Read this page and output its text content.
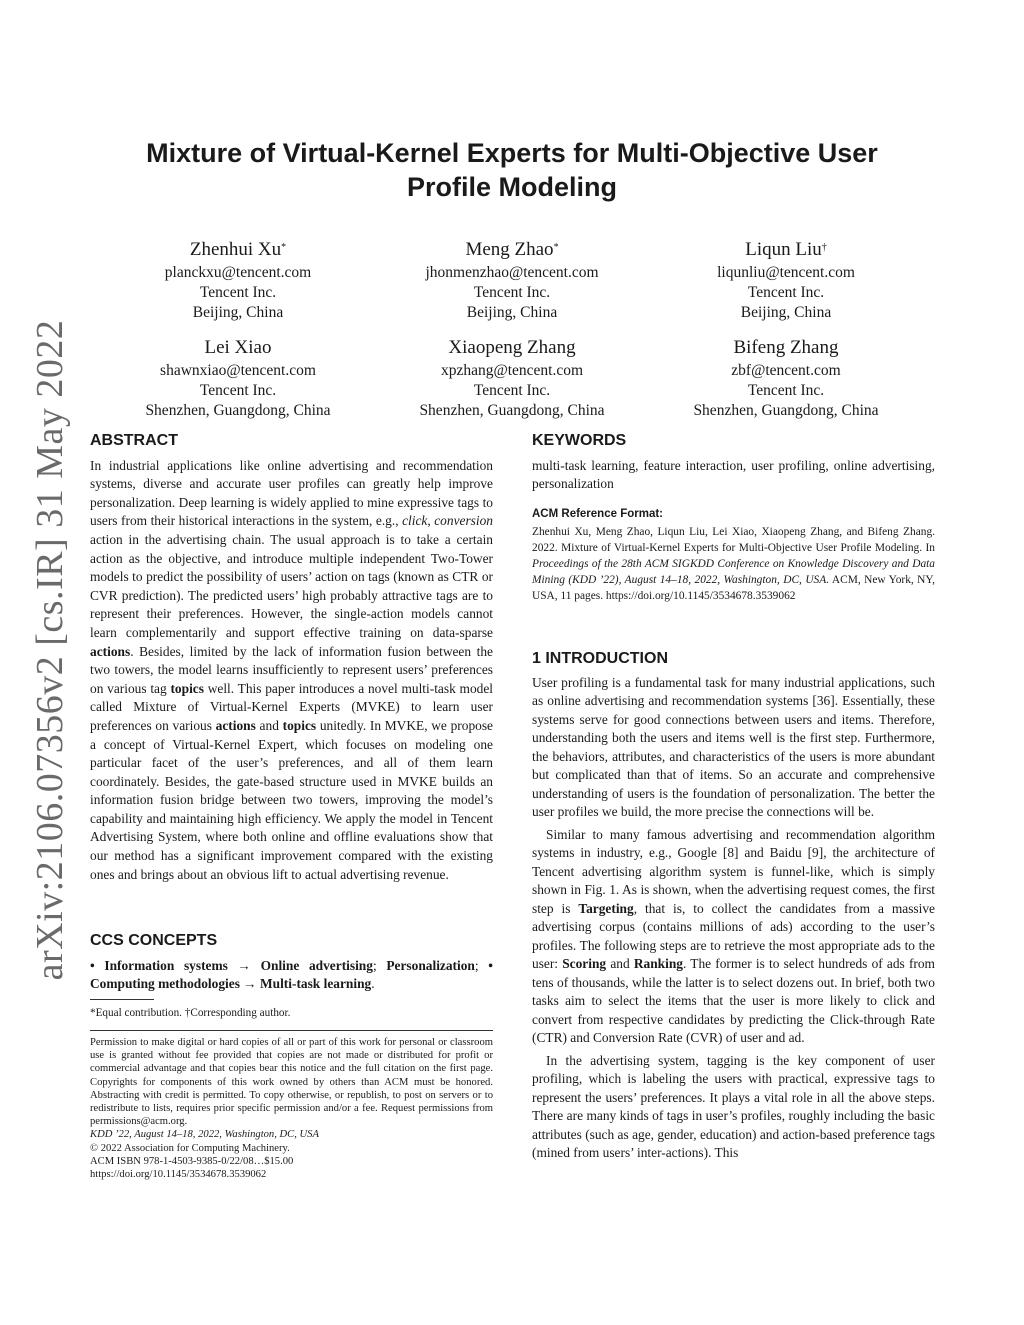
arXiv:2106.07356v2 [cs.IR] 31 May 2022
Mixture of Virtual-Kernel Experts for Multi-Objective User
Profile Modeling
Zhenhui Xu*
planckxu@tencent.com
Tencent Inc.
Beijing, China
Meng Zhao*
jhonmenzhao@tencent.com
Tencent Inc.
Beijing, China
Liqun Liu†
liqunliu@tencent.com
Tencent Inc.
Beijing, China
Lei Xiao
shawnxiao@tencent.com
Tencent Inc.
Shenzhen, Guangdong, China
Xiaopeng Zhang
xpzhang@tencent.com
Tencent Inc.
Shenzhen, Guangdong, China
Bifeng Zhang
zbf@tencent.com
Tencent Inc.
Shenzhen, Guangdong, China
ABSTRACT

In industrial applications like online advertising and recommendation systems, diverse and accurate user profiles can greatly help improve personalization. Deep learning is widely applied to mine expressive tags to users from their historical interactions in the system, e.g., click, conversion action in the advertising chain. The usual approach is to take a certain action as the objective, and introduce multiple independent Two-Tower models to predict the possibility of users’ action on tags (known as CTR or CVR prediction). The predicted users’ high probably attractive tags are to represent their preferences. However, the single-action models cannot learn complementarily and support effective training on data-sparse actions. Besides, limited by the lack of information fusion between the two towers, the model learns insufficiently to represent users’ preferences on various tag topics well. This paper introduces a novel multi-task model called Mixture of Virtual-Kernel Experts (MVKE) to learn user preferences on various actions and topics unitedly. In MVKE, we propose a concept of Virtual-Kernel Expert, which focuses on modeling one particular facet of the user’s preferences, and all of them learn coordinately. Besides, the gate-based structure used in MVKE builds an information fusion bridge between two towers, improving the model’s capability and maintaining high efficiency. We apply the model in Tencent Advertising System, where both online and offline evaluations show that our method has a significant improvement compared with the existing ones and brings about an obvious lift to actual advertising revenue.

CCS CONCEPTS

• Information systems → Online advertising; Personalization; • Computing methodologies → Multi-task learning.

*Equal contribution. †Corresponding author.

Permission to make digital or hard copies of all or part of this work for personal or classroom use is granted without fee provided that copies are not made or distributed for profit or commercial advantage and that copies bear this notice and the full citation on the first page. Copyrights for components of this work owned by others than ACM must be honored. Abstracting with credit is permitted. To copy otherwise, or republish, to post on servers or to redistribute to lists, requires prior specific permission and/or a fee. Request permissions from permissions@acm.org.

KDD ’22, August 14–18, 2022, Washington, DC, USA
© 2022 Association for Computing Machinery.
ACM ISBN 978-1-4503-9385-0/22/08…$15.00
https://doi.org/10.1145/3534678.3539062
KEYWORDS

multi-task learning, feature interaction, user profiling, online advertising, personalization

ACM Reference Format:

Zhenhui Xu, Meng Zhao, Liqun Liu, Lei Xiao, Xiaopeng Zhang, and Bifeng Zhang. 2022. Mixture of Virtual-Kernel Experts for Multi-Objective User Profile Modeling. In Proceedings of the 28th ACM SIGKDD Conference on Knowledge Discovery and Data Mining (KDD ’22), August 14–18, 2022, Washington, DC, USA. ACM, New York, NY, USA, 11 pages. https://doi.org/10.1145/3534678.3539062

1 INTRODUCTION

User profiling is a fundamental task for many industrial applications, such as online advertising and recommendation systems [36]. Essentially, these systems serve for good connections between users and items. Therefore, understanding both the users and items well is the first step. Furthermore, the behaviors, attributes, and characteristics of the users is more abundant but complicated than that of items. So an accurate and comprehensive understanding of users is the foundation of personalization. The better the user profiles we build, the more precise the connections will be.

Similar to many famous advertising and recommendation algorithm systems in industry, e.g., Google [8] and Baidu [9], the architecture of Tencent advertising algorithm system is funnel-like, which is simply shown in Fig. 1. As is shown, when the advertising request comes, the first step is Targeting, that is, to collect the candidates from a massive advertising corpus (contains millions of ads) according to the user’s profiles. The following steps are to retrieve the most appropriate ads to the user: Scoring and Ranking. The former is to select hundreds of ads from tens of thousands, while the latter is to select dozens out. In brief, both two tasks aim to select the items that the user is more likely to click and convert from respective candidates by predicting the Click-through Rate (CTR) and Conversion Rate (CVR) of user and ad.

In the advertising system, tagging is the key component of user profiling, which is labeling the users with practical, expressive tags to represent the users’ preferences. It plays a vital role in all the above steps. There are many kinds of tags in user’s profiles, roughly including the basic attributes (such as age, gender, education) and action-based preference tags (mined from users’ inter-actions). This
